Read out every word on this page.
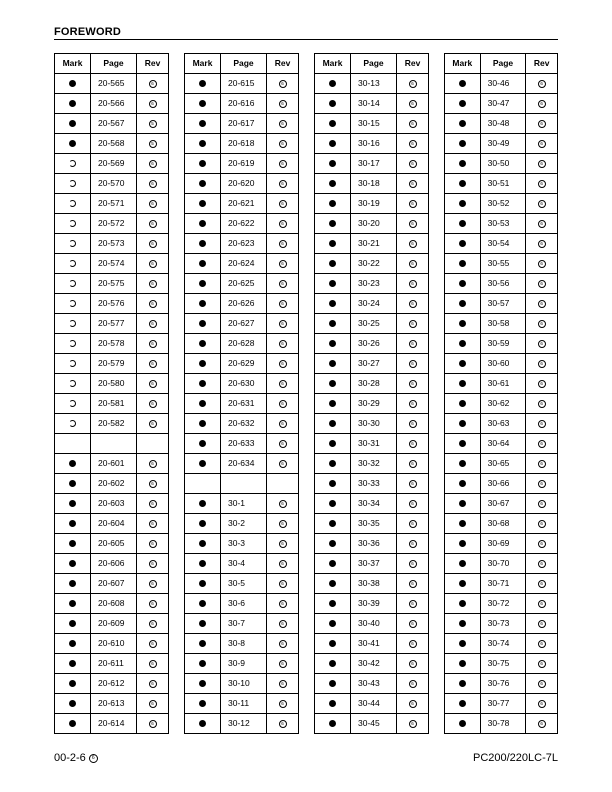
FOREWORD
Mark	Page	Rev
	20-565	6
	20-566	6
	20-567	5
	20-568	5
	20-569	6
	20-570	6
	20-571	6
	20-572	6
	20-573	6
	20-574	6
	20-575	6
	20-576	6
	20-577	6
	20-578	6
	20-579	6
	20-580	6
	20-581	6
	20-582	6

	20-601	6
	20-602	6
	20-603	6
	20-604	6
	20-605	6
	20-606	6
	20-607	6
	20-608	6
	20-609	6
	20-610	6
	20-611	6
	20-612	6
	20-613	6
	20-614	6
Mark	Page	Rev
	20-615	6
	20-616	6
	20-617	6
	20-618	6
	20-619	6
	20-620	6
	20-621	6
	20-622	6
	20-623	6
	20-624	6
	20-625	6
	20-626	6
	20-627	6
	20-628	6
	20-629	6
	20-630	6
	20-631	6
	20-632	6
	20-633	6
	20-634	6

	30-1	6
	30-2	6
	30-3	6
	30-4	6
	30-5	6
	30-6	6
	30-7	6
	30-8	6
	30-9	6
	30-10	6
	30-11	6
	30-12	6
Mark	Page	Rev
	30-13	6
	30-14	6
	30-15	6
	30-16	6
	30-17	6
	30-18	6
	30-19	6
	30-20	6
	30-21	6
	30-22	6
	30-23	6
	30-24	6
	30-25	6
	30-26	6
	30-27	6
	30-28	6
	30-29	6
	30-30	6
	30-31	6
	30-32	6
	30-33	6
	30-34	6
	30-35	6
	30-36	6
	30-37	6
	30-38	6
	30-39	6
	30-40	6
	30-41	6
	30-42	6
	30-43	6
	30-44	6
	30-45	6
Mark	Page	Rev
	30-46	6
	30-47	6
	30-48	6
	30-49	6
	30-50	6
	30-51	6
	30-52	6
	30-53	6
	30-54	6
	30-55	6
	30-56	6
	30-57	6
	30-58	6
	30-59	6
	30-60	6
	30-61	6
	30-62	6
	30-63	6
	30-64	6
	30-65	6
	30-66	6
	30-67	6
	30-68	6
	30-69	6
	30-70	6
	30-71	6
	30-72	6
	30-73	6
	30-74	6
	30-75	6
	30-76	6
	30-77	6
	30-78	6
00-2-6 6	PC200/220LC-7L
